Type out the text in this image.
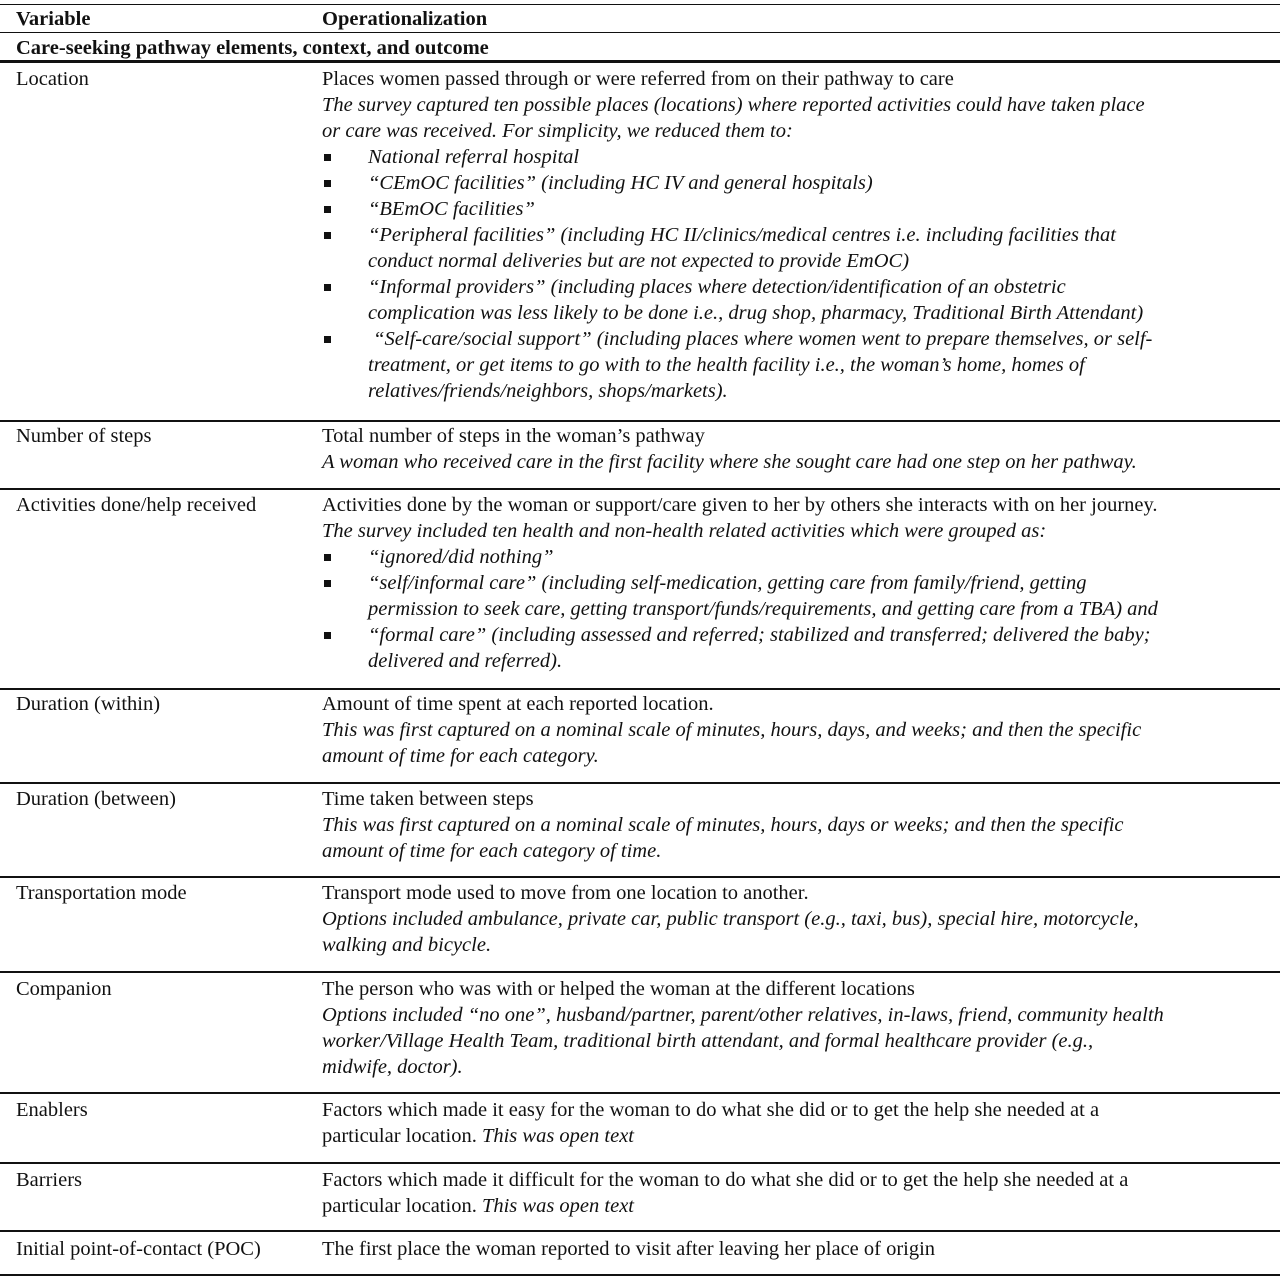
Variable	Operationalization
Care-seeking pathway elements, context, and outcome
Location	Places women passed through or were referred from on their pathway to care
The survey captured ten possible places (locations) where reported activities could have taken place
or care was received. For simplicity, we reduced them to:
National referral hospital
“CEmOC facilities” (including HC IV and general hospitals)
“BEmOC facilities”
“Peripheral facilities” (including HC II/clinics/medical centres i.e. including facilities that
conduct normal deliveries but are not expected to provide EmOC)
“Informal providers” (including places where detection/identification of an obstetric
complication was less likely to be done i.e., drug shop, pharmacy, Traditional Birth Attendant)
“Self-care/social support” (including places where women went to prepare themselves, or self-
treatment, or get items to go with to the health facility i.e., the woman’s home, homes of
relatives/friends/neighbors, shops/markets).
Number of steps	Total number of steps in the woman’s pathway
A woman who received care in the first facility where she sought care had one step on her pathway.
Activities done/help received	Activities done by the woman or support/care given to her by others she interacts with on her journey.
The survey included ten health and non-health related activities which were grouped as:
“ignored/did nothing”
“self/informal care” (including self-medication, getting care from family/friend, getting
permission to seek care, getting transport/funds/requirements, and getting care from a TBA) and
“formal care” (including assessed and referred; stabilized and transferred; delivered the baby;
delivered and referred).
Duration (within)	Amount of time spent at each reported location.
This was first captured on a nominal scale of minutes, hours, days, and weeks; and then the specific
amount of time for each category.
Duration (between)	Time taken between steps
This was first captured on a nominal scale of minutes, hours, days or weeks; and then the specific
amount of time for each category of time.
Transportation mode	Transport mode used to move from one location to another.
Options included ambulance, private car, public transport (e.g., taxi, bus), special hire, motorcycle,
walking and bicycle.
Companion	The person who was with or helped the woman at the different locations
Options included “no one”, husband/partner, parent/other relatives, in-laws, friend, community health
worker/Village Health Team, traditional birth attendant, and formal healthcare provider (e.g.,
midwife, doctor).
Enablers	Factors which made it easy for the woman to do what she did or to get the help she needed at a
particular location. This was open text
Barriers	Factors which made it difficult for the woman to do what she did or to get the help she needed at a
particular location. This was open text
Initial point-of-contact (POC)	The first place the woman reported to visit after leaving her place of origin
